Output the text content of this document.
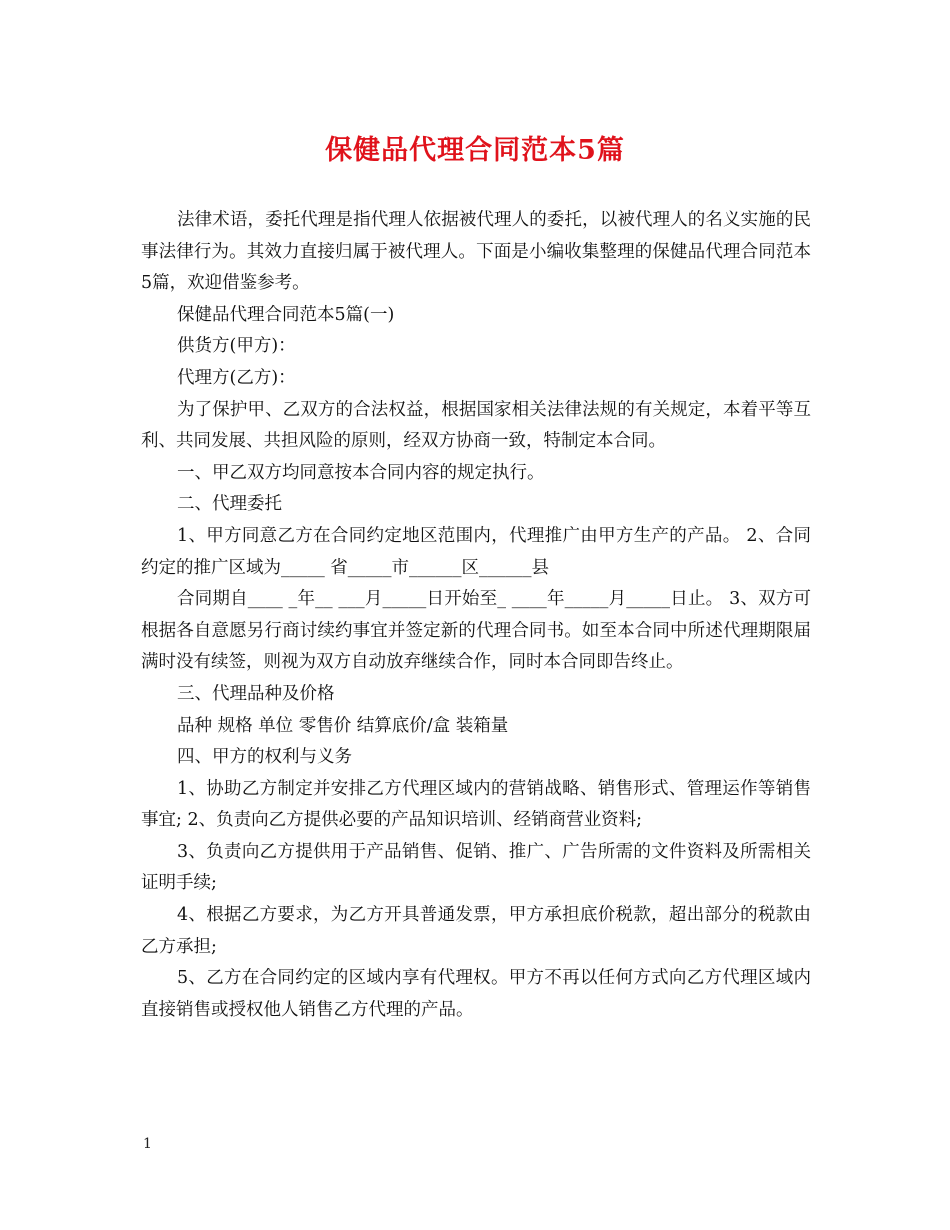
保健品代理合同范本5篇

法律术语，委托代理是指代理人依据被代理人的委托，以被代理人的名义实施的民事法律行为。其效力直接归属于被代理人。下面是小编收集整理的保健品代理合同范本5篇，欢迎借鉴参考。

保健品代理合同范本5篇(一)

供货方(甲方)：

代理方(乙方)：

为了保护甲、乙双方的合法权益，根据国家相关法律法规的有关规定，本着平等互利、共同发展、共担风险的原则，经双方协商一致，特制定本合同。

一、甲乙双方均同意按本合同内容的规定执行。

二、代理委托

1、甲方同意乙方在合同约定地区范围内，代理推广由甲方生产的产品。 2、合同约定的推广区域为_____ 省_____市______区______县

合同期自____ _年__ ___月_____日开始至_ ____年_____月_____日止。 3、双方可根据各自意愿另行商讨续约事宜并签定新的代理合同书。如至本合同中所述代理期限届满时没有续签，则视为双方自动放弃继续合作，同时本合同即告终止。

三、代理品种及价格

品种 规格 单位 零售价 结算底价/盒 装箱量

四、甲方的权利与义务

1、协助乙方制定并安排乙方代理区域内的营销战略、销售形式、管理运作等销售事宜; 2、负责向乙方提供必要的产品知识培训、经销商营业资料;

3、负责向乙方提供用于产品销售、促销、推广、广告所需的文件资料及所需相关证明手续;

4、根据乙方要求，为乙方开具普通发票，甲方承担底价税款，超出部分的税款由乙方承担;

5、乙方在合同约定的区域内享有代理权。甲方不再以任何方式向乙方代理区域内直接销售或授权他人销售乙方代理的产品。

1
